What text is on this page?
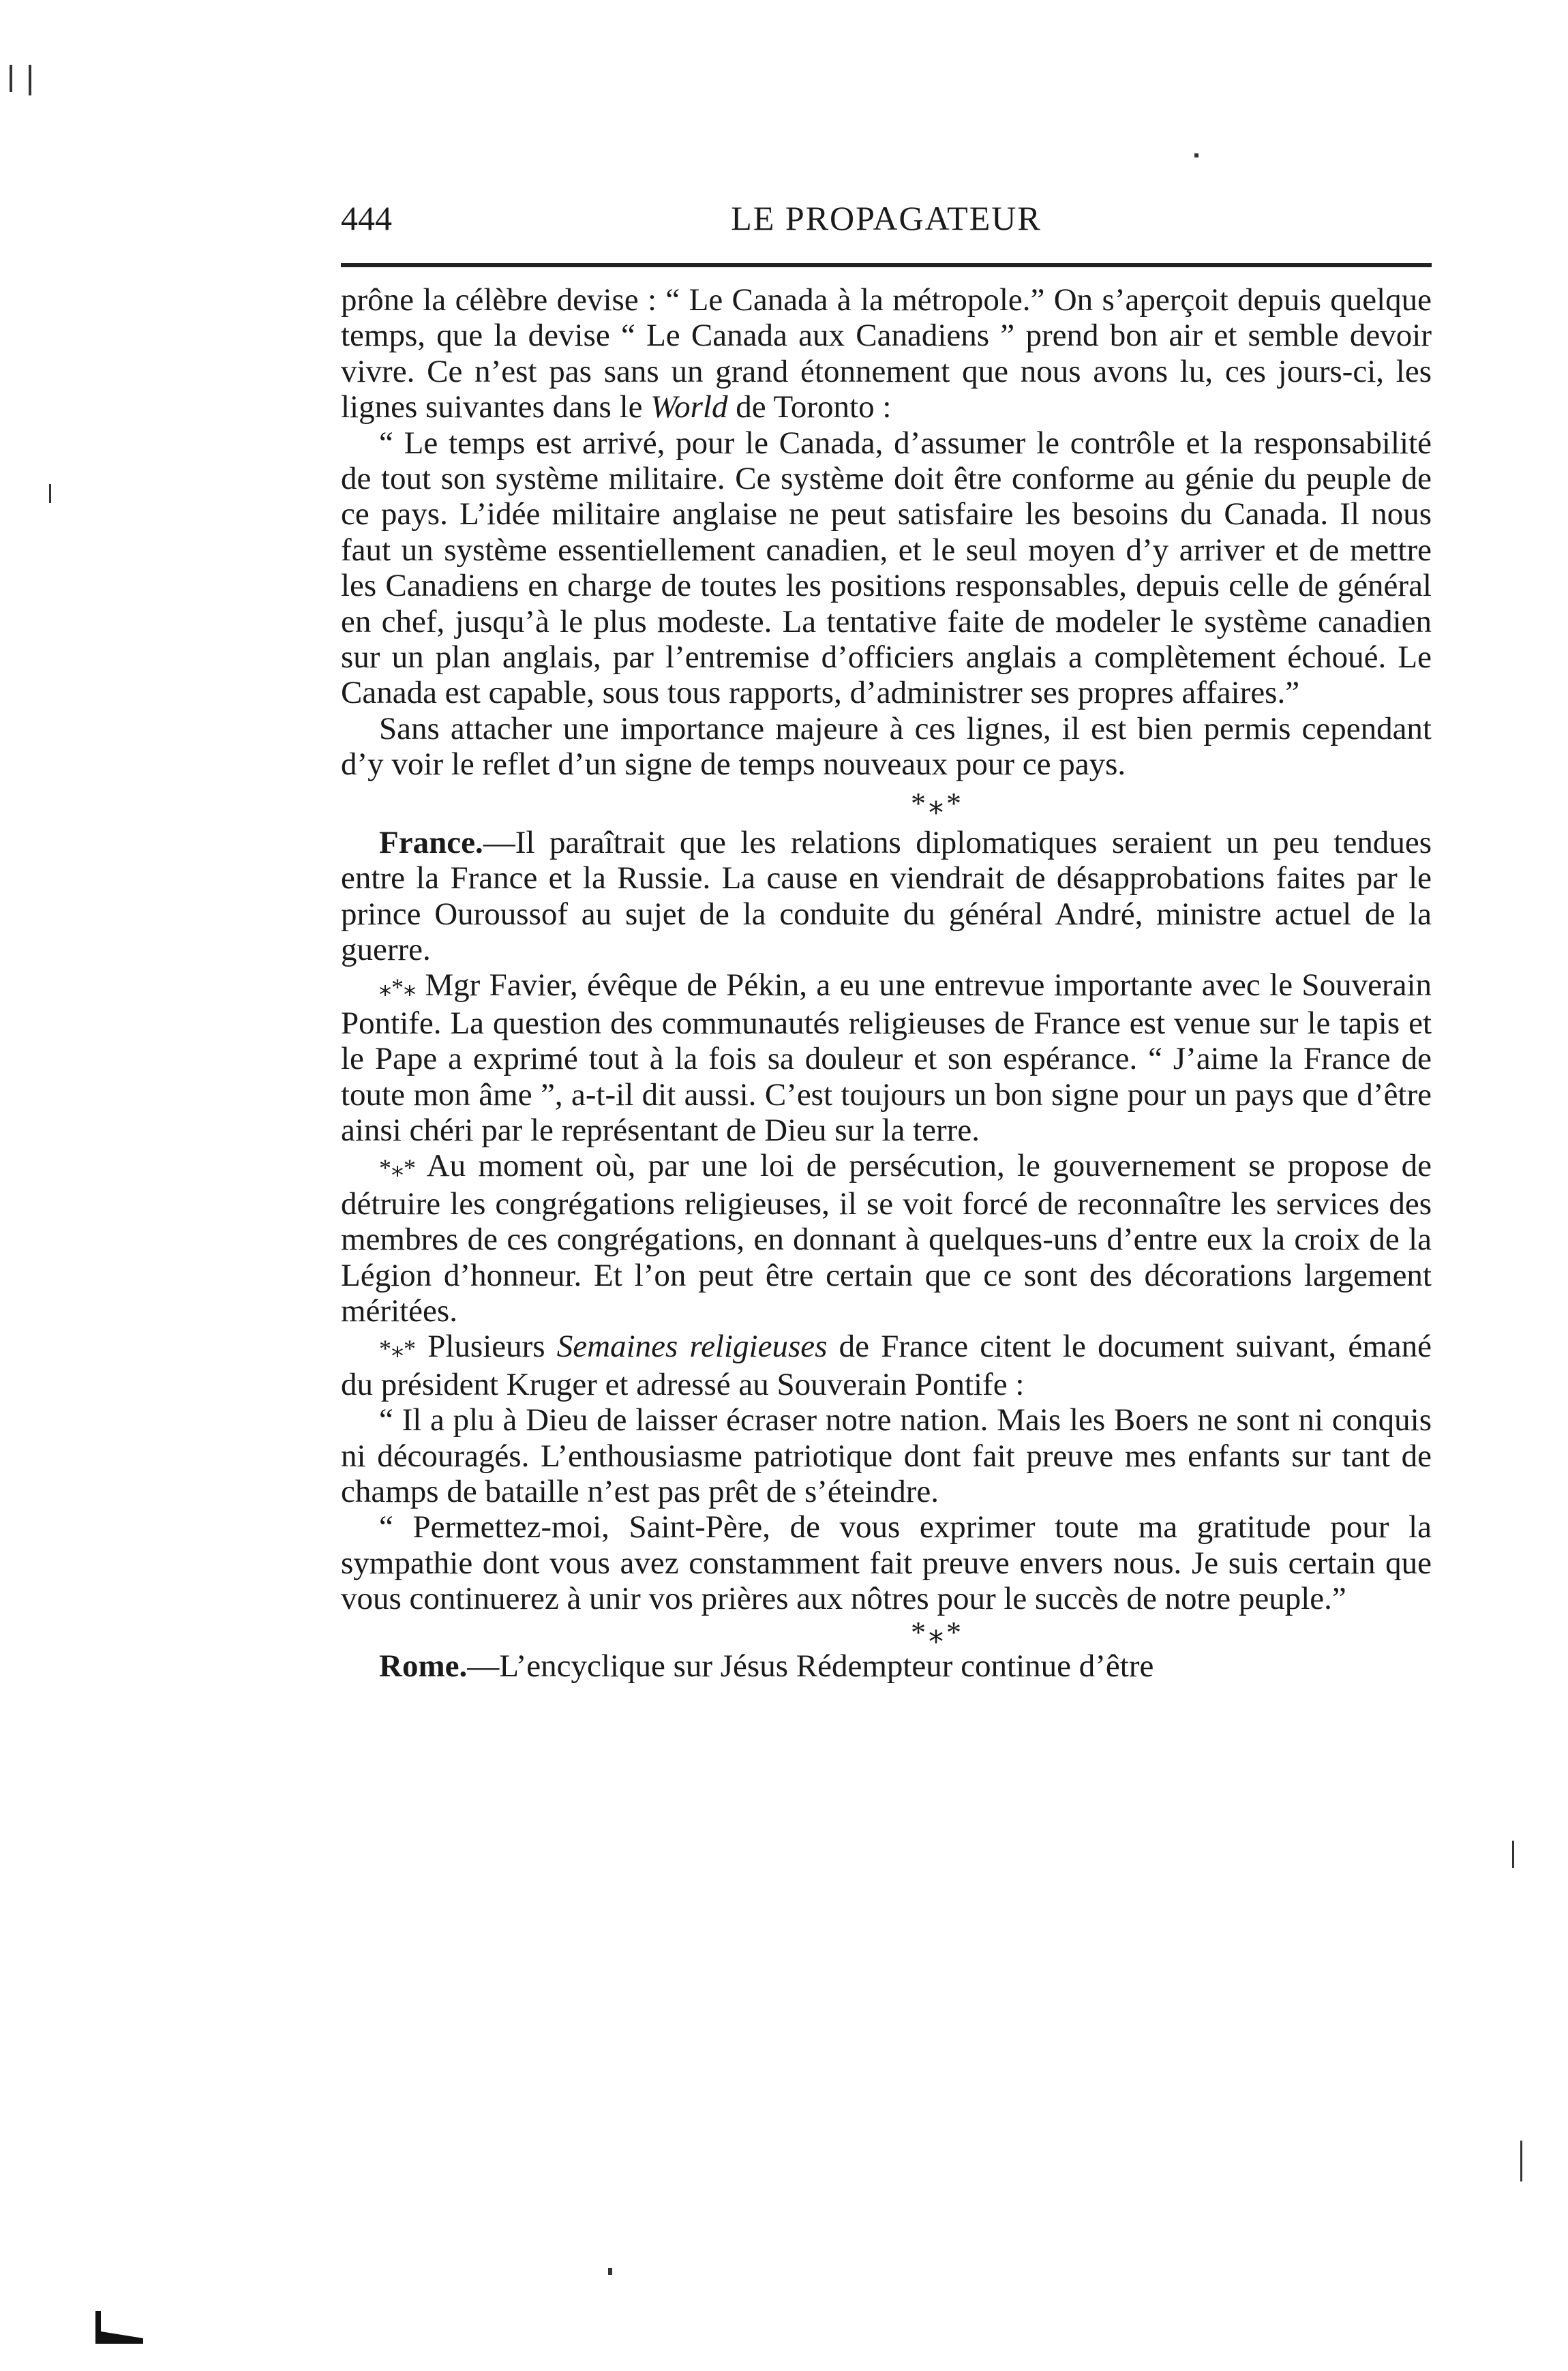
444	LE PROPAGATEUR

prône la célèbre devise : “ Le Canada à la métropole.” On s’aperçoit depuis quelque temps, que la devise “ Le Canada aux Canadiens ” prend bon air et semble devoir vivre. Ce n’est pas sans un grand étonnement que nous avons lu, ces jours-ci, les lignes suivantes dans le World de Toronto :

“ Le temps est arrivé, pour le Canada, d’assumer le contrôle et la responsabilité de tout son système militaire. Ce système doit être conforme au génie du peuple de ce pays. L’idée militaire anglaise ne peut satisfaire les besoins du Canada. Il nous faut un système essentiellement canadien, et le seul moyen d’y arriver et de mettre les Canadiens en charge de toutes les positions responsables, depuis celle de général en chef, jusqu’à le plus modeste. La tentative faite de modeler le système canadien sur un plan anglais, par l’entremise d’officiers anglais a complètement échoué. Le Canada est capable, sous tous rapports, d’administrer ses propres affaires.”

Sans attacher une importance majeure à ces lignes, il est bien permis cependant d’y voir le reflet d’un signe de temps nouveaux pour ce pays.

*⁎*

France.—Il paraîtrait que les relations diplomatiques seraient un peu tendues entre la France et la Russie. La cause en viendrait de désapprobations faites par le prince Ouroussof au sujet de la conduite du général André, ministre actuel de la guerre.

⁎*⁎ Mgr Favier, évêque de Pékin, a eu une entrevue importante avec le Souverain Pontife. La question des communautés religieuses de France est venue sur le tapis et le Pape a exprimé tout à la fois sa douleur et son espérance. “ J’aime la France de toute mon âme ”, a-t-il dit aussi. C’est toujours un bon signe pour un pays que d’être ainsi chéri par le représentant de Dieu sur la terre.

*⁎* Au moment où, par une loi de persécution, le gouvernement se propose de détruire les congrégations religieuses, il se voit forcé de reconnaître les services des membres de ces congrégations, en donnant à quelques-uns d’entre eux la croix de la Légion d’honneur. Et l’on peut être certain que ce sont des décorations largement méritées.

*⁎* Plusieurs Semaines religieuses de France citent le document suivant, émané du président Kruger et adressé au Souverain Pontife :

“ Il a plu à Dieu de laisser écraser notre nation. Mais les Boers ne sont ni conquis ni découragés. L’enthousiasme patriotique dont fait preuve mes enfants sur tant de champs de bataille n’est pas prêt de s’éteindre.

“ Permettez-moi, Saint-Père, de vous exprimer toute ma gratitude pour la sympathie dont vous avez constamment fait preuve envers nous. Je suis certain que vous continuerez à unir vos prières aux nôtres pour le succès de notre peuple.”

*⁎*

Rome.—L’encyclique sur Jésus Rédempteur continue d’être
